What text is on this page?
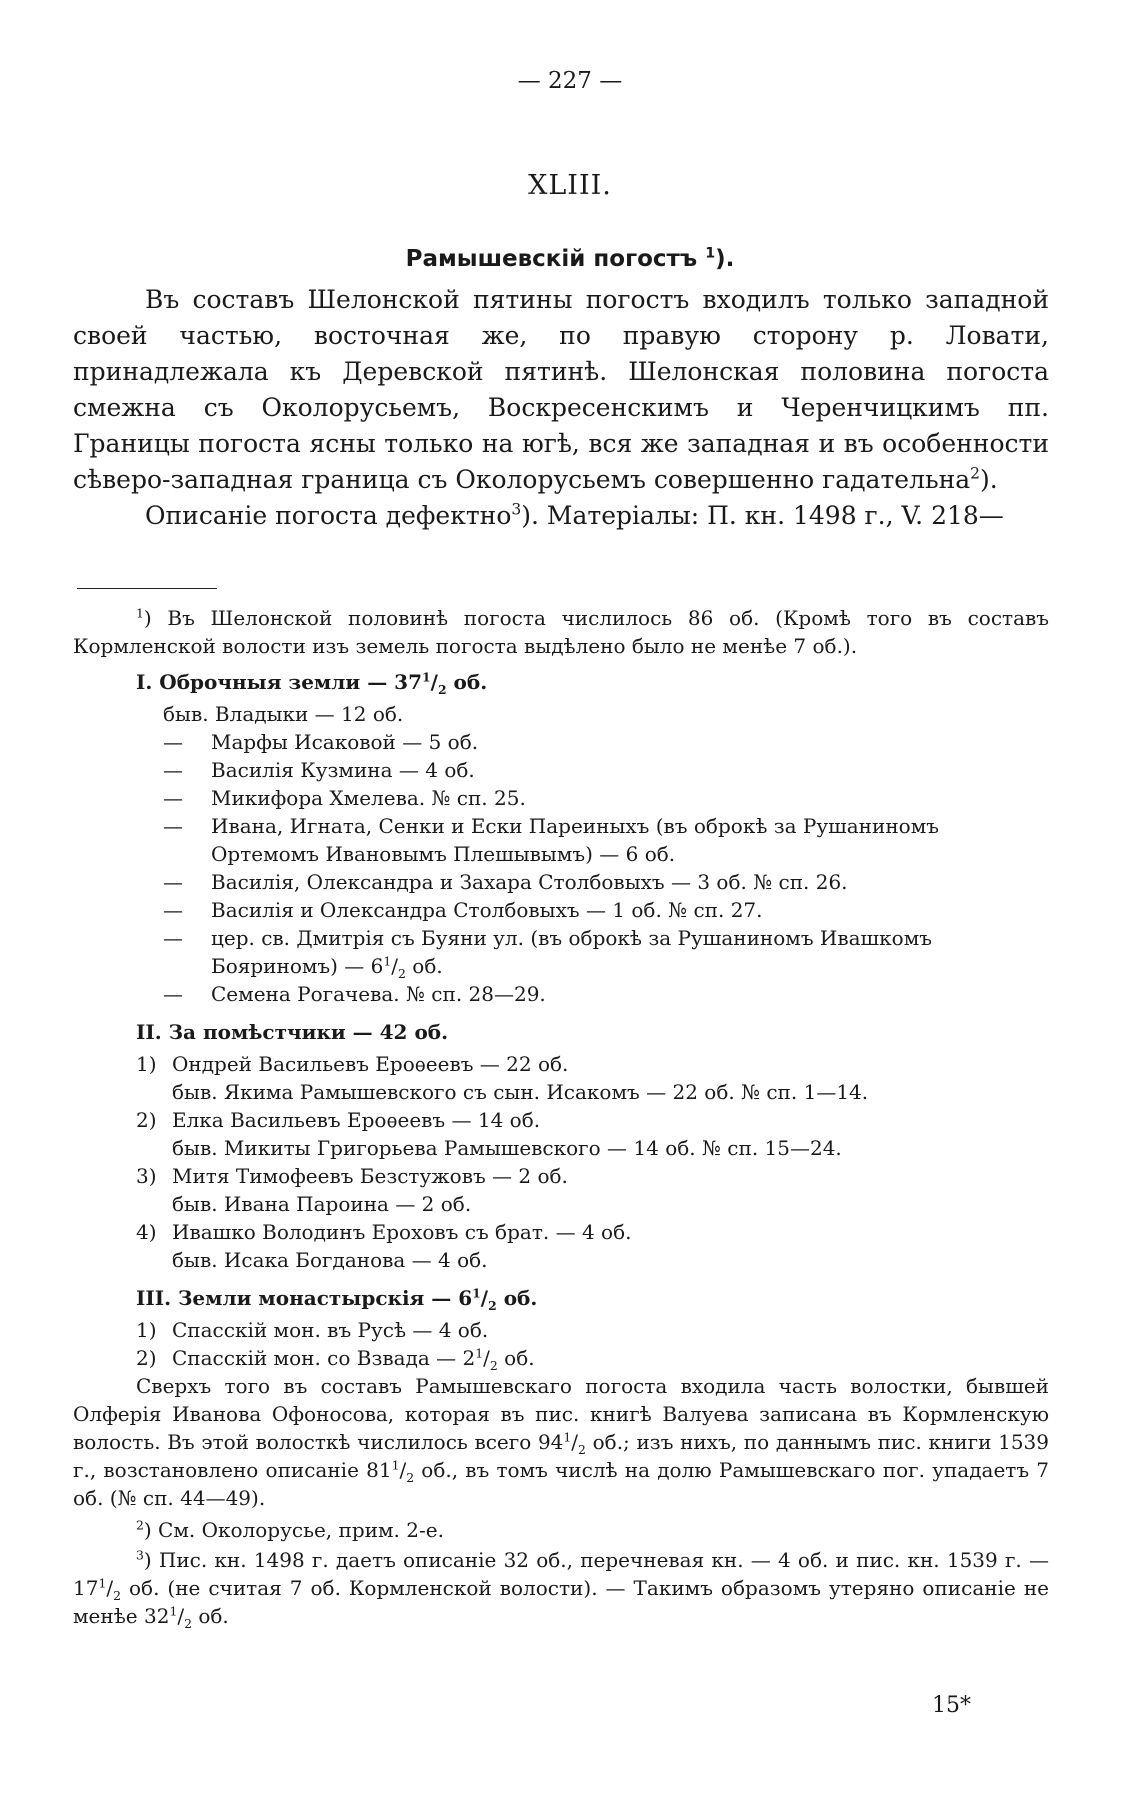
— 227 —
XLIII.
Рамышевскій погостъ $^1$).

Въ составъ Шелонской пятины погостъ входилъ только западной своей частью, восточная же, по правую сторону р. Ловати, принадлежала къ Деревской пятинѣ. Шелонская половина погоста смежна съ Околорусьемъ, Воскресенскимъ и Черенчицкимъ пп. Границы погоста ясны только на югѣ, вся же западная и въ особенности сѣверо-западная граница съ Околорусьемъ совершенно гадательна$^2$).

Описаніе погоста дефектно$^3$). Матеріалы: П. кн. 1498 г., V. 218—

$^1$) Въ Шелонской половинѣ погоста числилось 86 об. (Кромѣ того въ составъ Кормленской волости изъ земель погоста выдѣлено было не менѣе 7 об.).

I. Оброчныя земли — $37^1/_2$ об.
быв. Владыки — 12 об.
—	Марфы Исаковой — 5 об.
—	Василія Кузмина — 4 об.
—	Микифора Хмелева. № сп. 25.
—	Ивана, Игната, Сенки и Ески Пареиныхъ (въ оброкѣ за Рушаниномъ Ортемомъ Ивановымъ Плешывымъ) — 6 об.
—	Василія, Олександра и Захара Столбовыхъ — 3 об. № сп. 26.
—	Василія и Олександра Столбовыхъ — 1 об. № сп. 27.
—	цер. св. Дмитрія съ Буяни ул. (въ оброкѣ за Рушаниномъ Ивашкомъ Бояриномъ) — $6^1/_2$ об.
—	Семена Рогачева. № сп. 28—29.
II. За помѣстчики — 42 об.
1) Ондрей Васильевъ Ероѳеевъ — 22 об.
быв. Якима Рамышевского съ сын. Исакомъ — 22 об. № сп. 1—14.
2) Елка Васильевъ Ероѳеевъ — 14 об.
быв. Микиты Григорьева Рамышевского — 14 об. № сп. 15—24.
3) Митя Тимофеевъ Безстужовъ — 2 об.
быв. Ивана Пароина — 2 об.
4) Ивашко Володинъ Ероховъ съ брат. — 4 об.
быв. Исака Богданова — 4 об.
III. Земли монастырскія — $6^1/_2$ об.
1) Спасскій мон. въ Русѣ — 4 об.
2) Спасскій мон. со Взвада — $2^1/_2$ об.

Сверхъ того въ составъ Рамышевскаго погоста входила часть волостки, бывшей Олферія Иванова Офоносова, которая въ пис. книгѣ Валуева записана въ Кормленскую волость. Въ этой волосткѣ числилось всего $94^1/_2$ об.; изъ нихъ, по даннымъ пис. книги 1539 г., возстановлено описаніе $81^1/_2$ об., въ томъ числѣ на долю Рамышевскаго пог. упадаетъ 7 об. (№ сп. 44—49).

$^2$) См. Околорусье, прим. 2-е.

$^3$) Пис. кн. 1498 г. даетъ описаніе 32 об., перечневая кн. — 4 об. и пис. кн. 1539 г. — $17^1/_2$ об. (не считая 7 об. Кормленской волости). — Такимъ образомъ утеряно описаніе не менѣе $32^1/_2$ об.

15*
